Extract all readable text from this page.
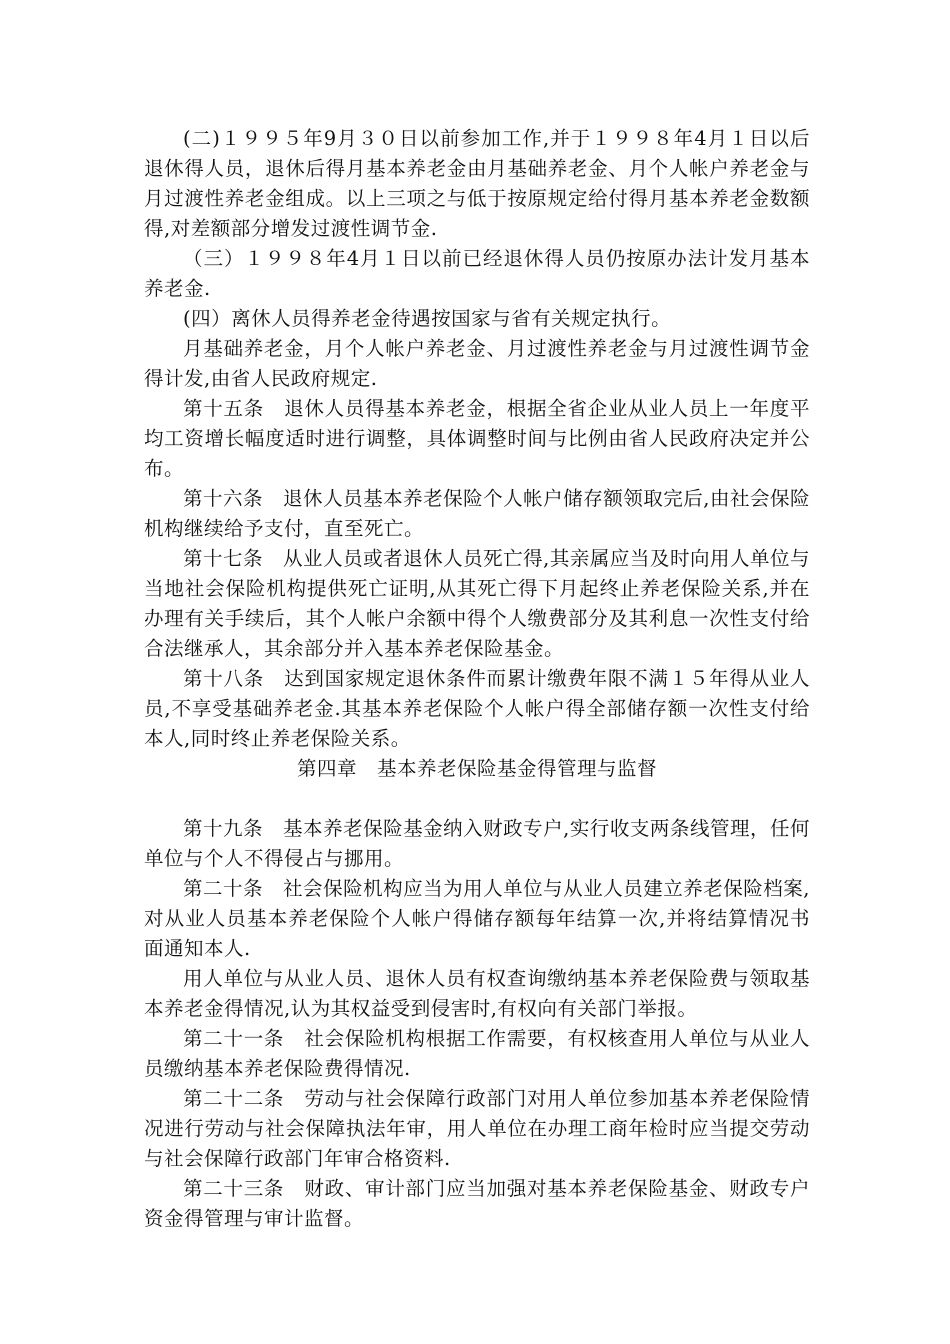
(二)１９９５年9月３０日以前参加工作,并于１９９８年4月１日以后退休得人员，退休后得月基本养老金由月基础养老金、月个人帐户养老金与月过渡性养老金组成。以上三项之与低于按原规定给付得月基本养老金数额得,对差额部分增发过渡性调节金.

（三）１９９８年4月１日以前已经退休得人员仍按原办法计发月基本养老金.

(四）离休人员得养老金待遇按国家与省有关规定执行。

月基础养老金，月个人帐户养老金、月过渡性养老金与月过渡性调节金得计发,由省人民政府规定.

第十五条　退休人员得基本养老金，根据全省企业从业人员上一年度平均工资增长幅度适时进行调整，具体调整时间与比例由省人民政府决定并公布。

第十六条　退休人员基本养老保险个人帐户储存额领取完后,由社会保险机构继续给予支付，直至死亡。

第十七条　从业人员或者退休人员死亡得,其亲属应当及时向用人单位与当地社会保险机构提供死亡证明,从其死亡得下月起终止养老保险关系,并在办理有关手续后，其个人帐户余额中得个人缴费部分及其利息一次性支付给合法继承人，其余部分并入基本养老保险基金。

第十八条　达到国家规定退休条件而累计缴费年限不满１５年得从业人员,不享受基础养老金.其基本养老保险个人帐户得全部储存额一次性支付给本人,同时终止养老保险关系。

第四章　基本养老保险基金得管理与监督

第十九条　基本养老保险基金纳入财政专户,实行收支两条线管理，任何单位与个人不得侵占与挪用。

第二十条　社会保险机构应当为用人单位与从业人员建立养老保险档案,对从业人员基本养老保险个人帐户得储存额每年结算一次,并将结算情况书面通知本人.

用人单位与从业人员、退休人员有权查询缴纳基本养老保险费与领取基本养老金得情况,认为其权益受到侵害时,有权向有关部门举报。

第二十一条　社会保险机构根据工作需要，有权核查用人单位与从业人员缴纳基本养老保险费得情况.

第二十二条　劳动与社会保障行政部门对用人单位参加基本养老保险情况进行劳动与社会保障执法年审，用人单位在办理工商年检时应当提交劳动与社会保障行政部门年审合格资料.

第二十三条　财政、审计部门应当加强对基本养老保险基金、财政专户资金得管理与审计监督。
